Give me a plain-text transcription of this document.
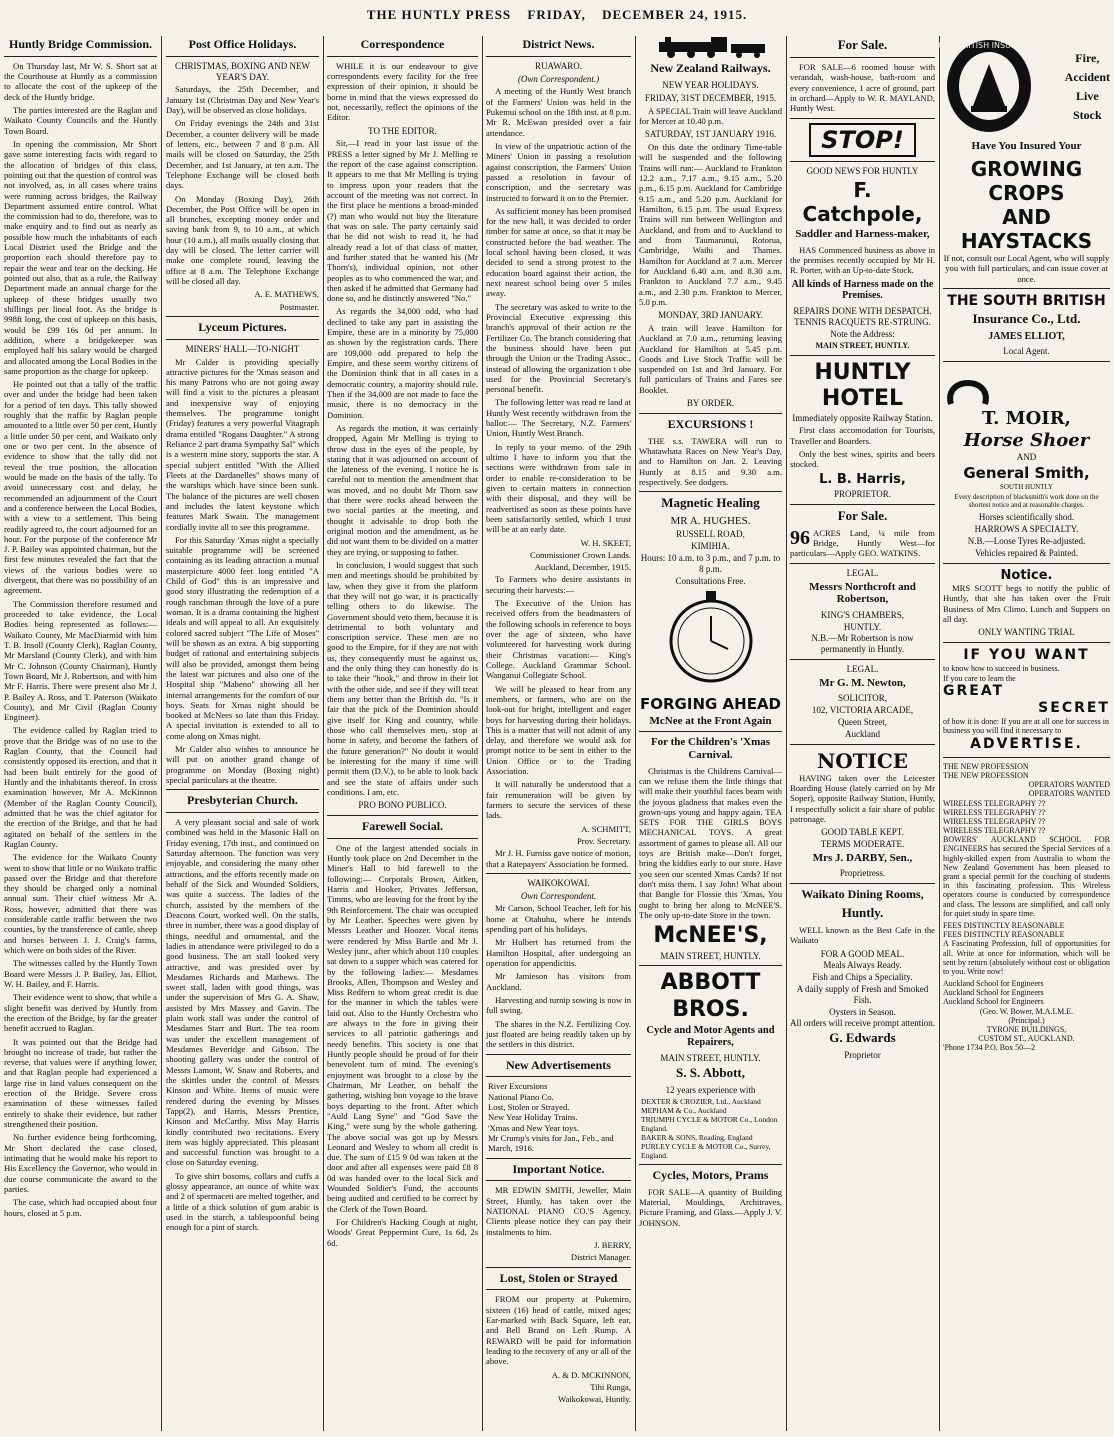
THE HUNTLY PRESS FRIDAY, DECEMBER 24, 1915.
Huntly Bridge Commission.

On Thursday last, Mr W. S. Short sat at the Courthouse at Huntly as a commission to allocate the cost of the upkeep of the deck of the Huntly bridge.

The parties interested are the Raglan and Waikato County Councils and the Huntly Town Board.

In opening the commission, Mr Short gave some interesting facts with regard to the allocation of bridges of this class, pointing out that the question of control was not involved, as, in all cases where trains were running across bridges, the Railway Department assumed entire control. What the commission had to do, therefore, was to make enquiry and to find out as nearly as possible how much the inhabitants of each Local District used the Bridge and the proportion each should therefore pay to repair the wear and tear on the decking. He pointed out also, that as a rule, the Railway Department made an annual charge for the upkeep of these bridges usually two shillings per lineal foot. As the bridge is 998ft long, the cost of upkeep on this basis, would be £99 16s 0d per annum. In addition, where a bridgekeeper was employed half his salary would be charged and allocated among the Local Bodies in the same proportion as the charge for upkeep.

He pointed out that a tally of the traffic over and under the bridge had been taken for a period of ten days. This tally showed roughly that the traffic by Raglan people amounted to a little over 50 per cent, Huntly a little under 50 per cent, and Waikato only one or two per cent. In the absence of evidence to show that the tally did not reveal the true position, the allocation would be made on the basis of the tally. To avoid unnecessary cost and delay, he recommended an adjournment of the Court and a conference between the Local Bodies, with a view to a settlement. This being readily agreed to, the court adjourned for an hour. For the purpose of the conference Mr J. P. Bailey was appointed chairman, but the first few minutes revealed the fact that the views of the various bodies were so divergent, that there was no possibility of an agreement.

The Commission therefore resumed and proceeded to take evidence, the Local Bodies being represented as follows:— Waikato County, Mr MacDiarmid with him T. B. Insoll (County Clerk), Raglan County, Mr Marsland (County Clerk), and with him Mr C. Johnson (County Chairman), Huntly Town Board, Mr J. Robertson, and with him Mr F. Harris. There were present also Mr J. P. Bailey A. Ross, and T. Paterson (Waikato County), and Mr Civil (Raglan County Engineer).

The evidence called by Raglan tried to prove that the Bridge was of no use to the Raglan County, that the Council had consistently opposed its erection, and that it had been built entirely for the good of Huntly and the inhabitants thereof. In cross examination however, Mr A. McKinnon (Member of the Raglan County Council), admitted that he was the chief agitator for the erection of the Bridge, and that he had agitated on behalf of the settlers in the Raglan County.

The evidence for the Waikato County went to show that little or no Waikato traffic passed over the Bridge and that therefore they should be charged only a nominal annual sum. Their chief witness Mr A. Ross, however, admitted that there was considerable cattle traffic between the two counties, by the transference of cattle, sheep and horses between J. J. Craig's farms, which were on both sides of the River.

The witnesses called by the Huntly Town Board were Messrs J. P. Bailey, Jas. Elliot, W. H. Bailey, and F. Harris.

Their evidence went to show, that while a slight benefit was derived by Huntly from the erection of the Bridge, by far the greater benefit accrued to Raglan.

It was pointed out that the Bridge had brought no increase of trade, but rather the reverse, that values were if anything lower, and that Raglan people had experienced a large rise in land values consequent on the erection of the Bridge. Severe cross examination of these witnesses failed entirely to shake their evidence, but rather strengthened their position.

No further evidence being forthcoming, Mr Short declared the case closed, intimating that he would make his report to His Excellency the Governor, who would in due course communicate the award to the parties.

The case, which had occupied about four hours, closed at 5 p.m.

Post Office Holidays.
CHRISTMAS, BOXING AND NEW YEAR'S DAY.

Saturdays, the 25th December, and January 1st (Christmas Day and New Year's Day), will be observed as close holidays.

On Friday evenings the 24th and 31st December, a counter delivery will be made of letters, etc., between 7 and 8 p.m. All mails will be closed on Saturday, the 25th December, and 1st January, at ten a.m. The Telephone Exchange will be closed both days.

On Monday (Boxing Day), 26th December, the Post Office will be open in all branches, excepting money order and saving bank from 9, to 10 a.m., at which hour (10 a.m.), all mails usually closing that day will be closed. The letter carrier will make one complete round, leaving the office at 8 a.m. The Telephone Exchange will be closed all day.

A. E. MATHEWS,
Postmaster.
Lyceum Pictures.
MINERS' HALL—TO-NIGHT

Mr Calder is providing specially attractive pictures for the 'Xmas season and his many Patrons who are not going away will find a visit to the pictures a pleasant and inexpensive way of enjoying themselves. The programme tonight (Friday) features a very powerful Vitagraph drama entitled "Rogans Daughter." A strong Reliance 2 part drama Sympathy Sal" which is a western mine story, supports the star. A special subject entitled "With the Allied Fleets at the Dardanelles" shows many of the warships which have since been sunk. The balance of the pictures are well chosen and includes the latest keystone which features Mark Swain. The management cordially invite all to see this programme.

For this Saturday 'Xmas night a specially suitable programme will be screened containing as its leading attraction a mutual masterpicture 4000 feet long entitled "A Child of God" this is an impressive and good story illustrating the redemption of a rough ranchman through the love of a pure woman. It is a drama containing the highest ideals and will appeal to all. An exquisitely colored sacred subject "The Life of Moses" will be shown as an extra. A big supporting budget of rational and entertaining subjects will also be provided, amongst them being the latest war pictures and also one of the Hospital ship "Maheno" showing all her internal arrangements for the comfort of our boys. Seats for Xmas night should be booked at McNees so late than this Friday. A special invitation is extended to all to come along on Xmas night.

Mr Calder also wishes to announce he will put on another grand change of programme on Monday (Boxing night) special particulars at the theatre.

Presbyterian Church.

A very pleasant social and sale of work combined was held in the Masonic Hall on Friday evening, 17th inst., and continued on Saturday afternoon. The function was very enjoyable, and considering the many other attractions, and the efforts recently made on behalf of the Sick and Wounded Soldiers, was quite a success. The ladies of the church, assisted by the members of the Deacons Court, worked well. On the stalls, three in number, there was a good display of things, needful and ornamental, and the ladies in attendance were privileged to do a good business. The art stall looked very attractive, and was presided over by Mesdames Richards and Mathews. The sweet stall, laden with good things, was under the supervision of Mrs G. A. Shaw, assisted by Mrs Massey and Gavin. The plain work stall was under the control of Mesdames Starr and Burt. The tea room was under the excellent management of Mesdames Beveridge and Gibson. The shooting gallery was under the control of Messrs Lamont, W. Snaw and Roberts, and the skittles under the control of Messrs Kinson and White. Items of music were rendered during the evening by Misses Tapp(2), and Harris, Messrs Prentice, Kinson and McCarthy. Miss May Harris kindly contributed two recitations. Every item was highly appreciated. This pleasant and successful function was brought to a close on Saturday evening.

To give shirt bosoms, collars and cuffs a glossy appearance, an ounce of white wax and 2 of spermaceti are melted together, and a little of a thick solution of gum arabic is used in the starch, a tablespoonful being enough for a pint of starch.

Correspondence

WHILE it is our endeavour to give correspondents every facility for the free expression of their opinion, it should be borne in mind that the views expressed do not, necessarily, reflect the opinions of the Editor.

TO THE EDITOR.

Sir,—I read in your last issue of the PRESS a letter signed by Mr J. Melling re the report of the case against conscription. It appears to me that Mr Melling is trying to impress upon your readers that the account of the meeting was not correct. In the first place he mentions a broad-minded (?) man who would not buy the literature that was on sale. The party certainly said that he did not wish to read it, he had already read a lot of that class of matter, and further stated that he wanted his (Mr Thorn's), individual opinion, not other peoples as to who commenced the war, and then asked if he admitted that Germany had done so, and he distinctly answered "No."

As regards the 34,000 odd, who had declined to take any part in assisting the Empire, these are in a minority by 75,000 as shown by the registration cards. There are 109,000 odd prepared to help the Empire, and these seem worthy citizens of the Dominion think that in all cases in a democratic country, a majority should rule. Then if the 34,000 are not made to face the music, there is no democracy in the Dominion.

As regards the motion, it was certainly dropped, Again Mr Melling is trying to throw dust in the eyes of the people, by stating that it was adjourned on account of the lateness of the evening. I notice he is careful not to mention the amendment that was moved, and no doubt Mr Thorn saw that there were rocks ahead between the two social parties at the meeting, and thought it advisable to drop both the original motion and the amendment, as he did not want them to be divided on a matter they are trying, or supposing to father.

In conclusion, I would suggest that such men and meetings should be prohibited by law, when they give it from the platform that they will not go war, it is practically telling others to do likewise. The Government should veto them, because it is detrimental to both voluntary and conscription service. These men are no good to the Empire, for if they are not with us, they consequently must be against us, and the only thing they can honestly do is to take their "hook," and throw in their lot with the other side, and see if they will treat them any better than the British do. "Is it fair that the pick of the Dominion should give itself for King and country, while those who call themselves men, stop at home in safety, and become the fathers of the future generation?" No doubt it would be interesting for the many if time will permit them (D.V.), to be able to look back and see the state of affairs under such conditions. I am, etc.

PRO BONO PUBLICO.
Farewell Social.

One of the largest attended socials in Huntly took place on 2nd December in the Miner's Hall to bid farewell to the following:— Corporals Brown, Aitken, Harris and Hooker, Privates Jefferson, Timms, who are leaving for the front by the 9th Reinforcement. The chair was occupied by Mr Leather. Speeches were given by Messrs Leather and Hoozer. Vocal items were rendered by Miss Bartle and Mr J. Wesley junr., after which about 110 couples sat down to a supper which was catered for by the following ladies:— Mesdames Brooks, Allen, Thompson and Wesley and Miss Redfern to whom great credit is due for the manner in which the tables were laid out. Also to the Huntly Orchestra who are always to the fore in giving their services to all patriotic gatherings and needy benefits. This society is one that Huntly people should be proud of for their benevolent turn of mind. The evening's enjoyment was brought to a close by the Chairman, Mr Leather, on behalf the gathering, wishing bon voyage to the brave boys departing to the front. After which "Auld Lang Syne" and "God Save the King," were sung by the whole gathering. The above social was got up by Messrs Leonard and Wesley to whom all credit is due. The sum of £15 9 0d was taken at the door and after all expenses were paid £8 8 0d was handed over to the local Sick and Wounded Soldier's Fund, the accounts being audited and certified to be correct by the Clerk of the Town Board.

For Children's Hacking Cough at night, Woods' Great Peppermint Cure, 1s 6d, 2s 6d.

District News.
RUAWARO.
(Own Correspondent.)

A meeting of the Huntly West branch of the Farmers' Union was held in the Pukemui school on the 18th inst. at 8 p.m. Mr R. McEwan presided over a fair attendance.

In view of the unpatriotic action of the Miners' Union in passing a resolution against conscription, the Farmers' Union passed a resolution in favour of conscription, and the secretary was instructed to forward it on to the Premier.

As sufficient money has been promised for the new hall, it was decided to order timber for same at once, so that it may be constructed before the bad weather. The local school having been closed, it was decided to send a strong protest to the education board against their action, the next nearest school being over 5 miles away.

The secretary was asked to write to the Provincial Executive expressing this branch's approval of their action re the Fertilizer Co. The branch considering that the business should have been put through the Union or the Trading Assoc., instead of allowing the organization t obe used for the Provincial Secretary's personal benefit.

The following letter was read re land at Huntly West recently withdrawn from the ballot:— The Secretary, N.Z. Farmers' Union, Huntly West Branch.

In reply to your memo. of the 29th ultimo I have to inform you that the sections were withdrawn from sale in order to enable re-consideration to be given to certain matters in connection with their disposal, and they will be readvertised as soon as these points have been satisfactorily settled, which I trust will be at an early date.

W. H. SKEET,
Commissioner Crown Lands.
Auckland, December, 1915.

To Farmers who desire assistants in securing their harvests:—

The Executive of the Union has received offers from the headmasters of the following schools in reference to boys over the age of sixteen, who have volunteered for harvesting work during their Christmas vacation:— King's College. Auckland Grammar School. Wanganui Collegiate School.

We will be pleased to hear from any members, or farmers, who are on the look-out for bright, intelligent and eager boys for harvesting during their holidays. This is a matter that will not admit of any delay, and therefore we would ask for prompt notice to be sent in either to the Union Office or to the Trading Association.

It will naturally be understood that a fair remuneration will be given by farmers to secure the services of these lads.

A. SCHMITT,
Prov. Secretary.

Mr J. H. Furniss gave notice of motion, that a Ratepayers' Association be formed.

WAIKOKOWAI.
Own Correspondent.

Mr Carson, School Teacher, left for his home at Otahuhu, where he intends spending part of his holidays.

Mr Hulbert has returned from the Hamilton Hospital, after undergoing an operation for appendicitis.

Mr Jamieson has visitors from Auckland.

Harvesting and turnip sowing is now in full swing.

The shares in the N.Z. Fertilizing Coy. just floated are being readily taken up by the settlers in this district.

New Advertisements
River Excursions
National Piano Co.
Lost, Stolen or Strayed.
New Year Holiday Trains.
'Xmas and New Year toys.
Mr Crump's visits for Jan., Feb., and March, 1916.
Important Notice.

MR EDWIN SMITH, Jeweller, Main Street, Huntly, has taken over the NATIONAL PIANO CO.'S Agency. Clients please notice they can pay their instalments to him.

J. BERRY,
District Manager.
Lost, Stolen or Strayed

FROM our property at Pukemiro, sixteen (16) head of cattle, mixed ages; Ear-marked with Back Square, left ear, and Bell Brand on Left Rump. A REWARD will be paid for information leading to the recovery of any or all of the above.

A. & D. MCKINNON,
Tihi Runga,
Waikokowai, Huntly.
New Zealand Railways.
NEW YEAR HOLIDAYS.
FRIDAY, 31ST DECEMBER, 1915.

A SPECIAL Train will leave Auckland for Mercer at 10.40 p.m.

SATURDAY, 1ST JANUARY 1916.

On this date the ordinary Time-table will be suspended and the following Trains will run:— Auckland to Frankton 12.2 a.m., 7.17 a.m., 9.15 a.m., 5.20 p.m., 6.15 p.m. Auckland for Cambridge 9.15 a.m., and 5.20 p.m. Auckland for Hamilton, 6.15 p.m. The usual Express Trains will run between Wellington and Auckland, and from and to Auckland to and from Taumarunui, Rotorua, Cambridge, Waihi and Thames. Hamilton for Auckland at 7 a.m. Mercer for Auckland 6.40 a.m. and 8.30 a.m. Frankton to Auckland 7.7 a.m., 9.45 a.m., and 2.30 p.m. Frankton to Mercer, 5.0 p.m.

MONDAY, 3RD JANUARY.

A train will leave Hamilton for Auckland at 7.0 a.m., returning leaving Auckland for Hamilton at 5.45 p.m. Goods and Live Stock Traffic will be suspended on 1st and 3rd January. For full particulars of Trains and Fares see Booklet.

BY ORDER.
EXCURSIONS !

THE s.s. TAWERA will run to Whatawhata Races on New Year's Day, and to Hamilton on Jan. 2. Leaving Huntly at 8.15 and 9.30 a.m. respectively. See dodgers.

Magnetic Healing
MR A. HUGHES.
RUSSELL ROAD,
KIMIHIA.
Hours: 10 a.m. to 3 p.m., and 7 p.m. to 8 p.m.
Consultations Free.
FORGING AHEAD
McNee at the Front Again
For the Children's 'Xmas Carnival.

Christmas is the Childrens Carnival—can we refuse them the little things that will make their youthful faces beam with the joyous gladness that makes even the grown-ups young and happy again. TEA SETS FOR THE GIRLS BOYS MECHANICAL TOYS. A great assortment of games to please all. All our toys are British make—Don't forget, bring the kiddies early to our store. Have you seen our scented Xmas Cards? If not don't miss them. I say John! What about that Bangle for Flossie this 'Xmas, You ought to bring her along to McNEE'S. The only up-to-date Store in the town.

McNEE'S,
MAIN STREET, HUNTLY.
ABBOTT BROS.
Cycle and Motor Agents and Repairers,
MAIN STREET, HUNTLY.
S. S. Abbott,
12 years experience with
DEXTER & CROZIER, Ltd., Auckland
MEPHAM & Co., Auckland
TRIUMPH CYCLE & MOTOR Co., London England.
BAKER & SONS, Reading, England
PURLEY CYCLE & MOTOR Co., Surrey, England.
Cycles, Motors, Prams

FOR SALE—A quantity of Building Material, Mouldings, Architraves, Picture Framing, and Glass.—Apply J. V. JOHNSON.

For Sale.

FOR SALE—6 roomed house with verandah, wash-house, bath-room and every convenience, 1 acre of ground, part in orchard—Apply to W. R. MAYLAND, Huntly West.

STOP!
GOOD NEWS FOR HUNTLY
F. Catchpole,
Saddler and Harness-maker,

HAS Commenced business as above in the premises recently occupied by Mr H. R. Porter, with an Up-to-date Stock.

All kinds of Harness made on the Premises.
REPAIRS DONE WITH DESPATCH.
TENNIS RACQUETS RE-STRUNG.
Note the Address:
MAIN STREET, HUNTLY.
HUNTLY HOTEL
Immediately opposite Railway Station.

First class accomodation for Tourists, Traveller and Boarders.

Only the best wines, spirits and beers stocked.

L. B. Harris,
PROPRIETOR.
For Sale.

96 ACRES Land, ¼ mile from Bridge, Huntly West—for particulars—Apply GEO. WATKINS.

LEGAL.
Messrs Northcroft and Robertson,
KING'S CHAMBERS,
HUNTLY.
N.B.—Mr Robertson is now permanently in Huntly.
LEGAL.
Mr G. M. Newton,
SOLICITOR,
102, VICTORIA ARCADE,
Queen Street,
Auckland
NOTICE

HAVING taken over the Leicester Boarding House (lately carried on by Mr Soper), opposite Railway Station, Huntly, I respectfully solicit a fair share of public patronage.

GOOD TABLE KEPT.
TERMS MODERATE.
Mrs J. DARBY, Sen.,
Proprietress.
Waikato Dining Rooms,
Huntly.

WELL known as the Best Cafe in the Waikato

FOR A GOOD MEAL.
Meals Always Ready.
Fish and Chips a Speciality.
A daily supply of Fresh and Smoked Fish.
Oysters in Season.
All orders will receive prompt attention.
G. Edwards
Proprietor
SOUTH BRITISH INSURANCE Co
Fire,
Accident
Live
Stock
Have You Insured Your
GROWING CROPS
AND HAYSTACKS

If not, consult our Local Agent, who will supply you with full particulars, and can issue cover at once.

THE SOUTH BRITISH
Insurance Co., Ltd.
JAMES ELLIOT,
Local Agent.
T. MOIR,
Horse Shoer
AND
General Smith,
SOUTH HUNTLY

Every description of blacksmith's work done on the shortest notice and at reasonable charges.

Horses scientifically shod.
HARROWS A SPECIALTY.
N.B.—Loose Tyres Re-adjusted.
Vehicles repaired & Painted.
Notice.

MRS SCOTT begs to notify the public of Huntly, that she has taken over the Fruit Business of Mrs Climo. Lunch and Suppers on all day.

ONLY WANTING TRIAL
IF YOU WANT
to know how to succeed in business.
If you care to learn the
GREAT
SECRET
of how it is done: If you are at all one for success in business you will find it necessary to
ADVERTISE.
THE NEW PROFESSION
THE NEW PROFESSION
OPERATORS WANTED
OPERATORS WANTED
WIRELESS TELEGRAPHY ??
WIRELESS TELEGRAPHY ??
WIRELESS TELEGRAPHY ??
WIRELESS TELEGRAPHY ??

BOWERS' AUCKLAND SCHOOL FOR ENGINEERS has secured the Special Services of a highly-skilled expert from Australia to whom the New Zealand Government has been pleased to grant a special permit for the coaching of students in this fascinating profession. This Wireless operators course is conducted by correspondence and class. The lessons are simplified, and call only for quiet study in spare time.

FEES DISTINCTLY REASONABLE
FEES DISTINCTLY REASONABLE

A Fascinating Profession, full of opportunities for all. Write at once for information, which will be sent by return (absolutely without cost or obligation to you. Write now!

Auckland School for Engineers
Auckland School for Engineers
Auckland School for Engineers
(Geo. W. Bower, M.A.I.M.E.
(Principal.)
TYRONE BUILDINGS,
CUSTOM ST., AUCKLAND.
'Phone 1734 P.O. Box 50—2
